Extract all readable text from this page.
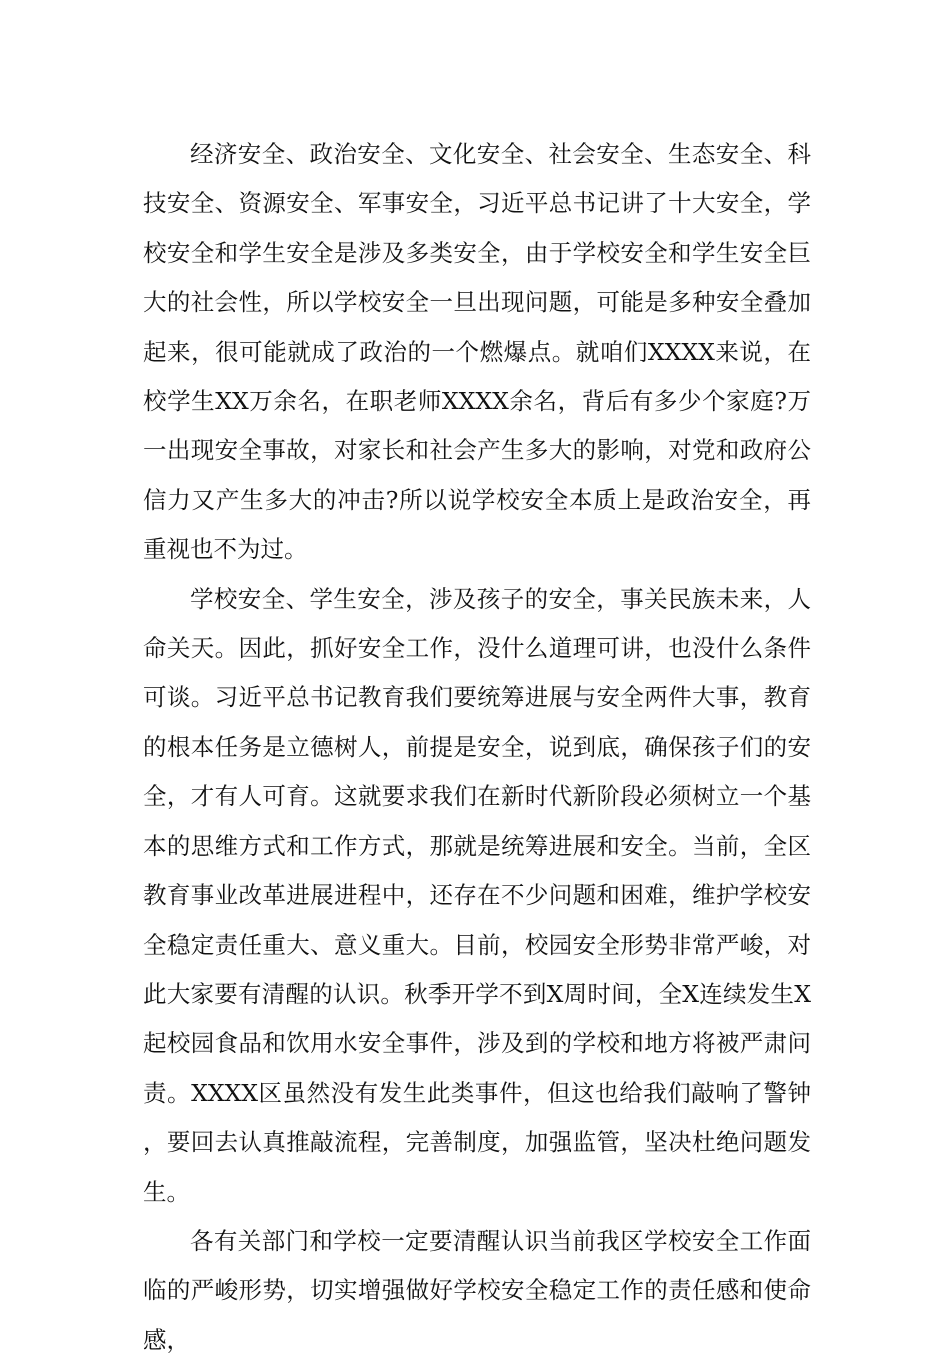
经济安全、政治安全、文化安全、社会安全、生态安全、科技安全、资源安全、军事安全，习近平总书记讲了十大安全，学校安全和学生安全是涉及多类安全，由于学校安全和学生安全巨大的社会性，所以学校安全一旦出现问题，可能是多种安全叠加起来，很可能就成了政治的一个燃爆点。就咱们XXXX来说，在校学生XX万余名，在职老师XXXX余名，背后有多少个家庭?万一出现安全事故，对家长和社会产生多大的影响，对党和政府公信力又产生多大的冲击?所以说学校安全本质上是政治安全，再重视也不为过。

学校安全、学生安全，涉及孩子的安全，事关民族未来，人命关天。因此，抓好安全工作，没什么道理可讲，也没什么条件可谈。习近平总书记教育我们要统筹进展与安全两件大事，教育的根本任务是立德树人，前提是安全，说到底，确保孩子们的安全，才有人可育。这就要求我们在新时代新阶段必须树立一个基本的思维方式和工作方式，那就是统筹进展和安全。当前，全区教育事业改革进展进程中，还存在不少问题和困难，维护学校安全稳定责任重大、意义重大。目前，校园安全形势非常严峻，对此大家要有清醒的认识。秋季开学不到X周时间，全X连续发生X起校园食品和饮用水安全事件，涉及到的学校和地方将被严肃问责。XXXX区虽然没有发生此类事件，但这也给我们敲响了警钟，要回去认真推敲流程，完善制度，加强监管，坚决杜绝问题发生。

各有关部门和学校一定要清醒认识当前我区学校安全工作面临的严峻形势，切实增强做好学校安全稳定工作的责任感和使命感，
